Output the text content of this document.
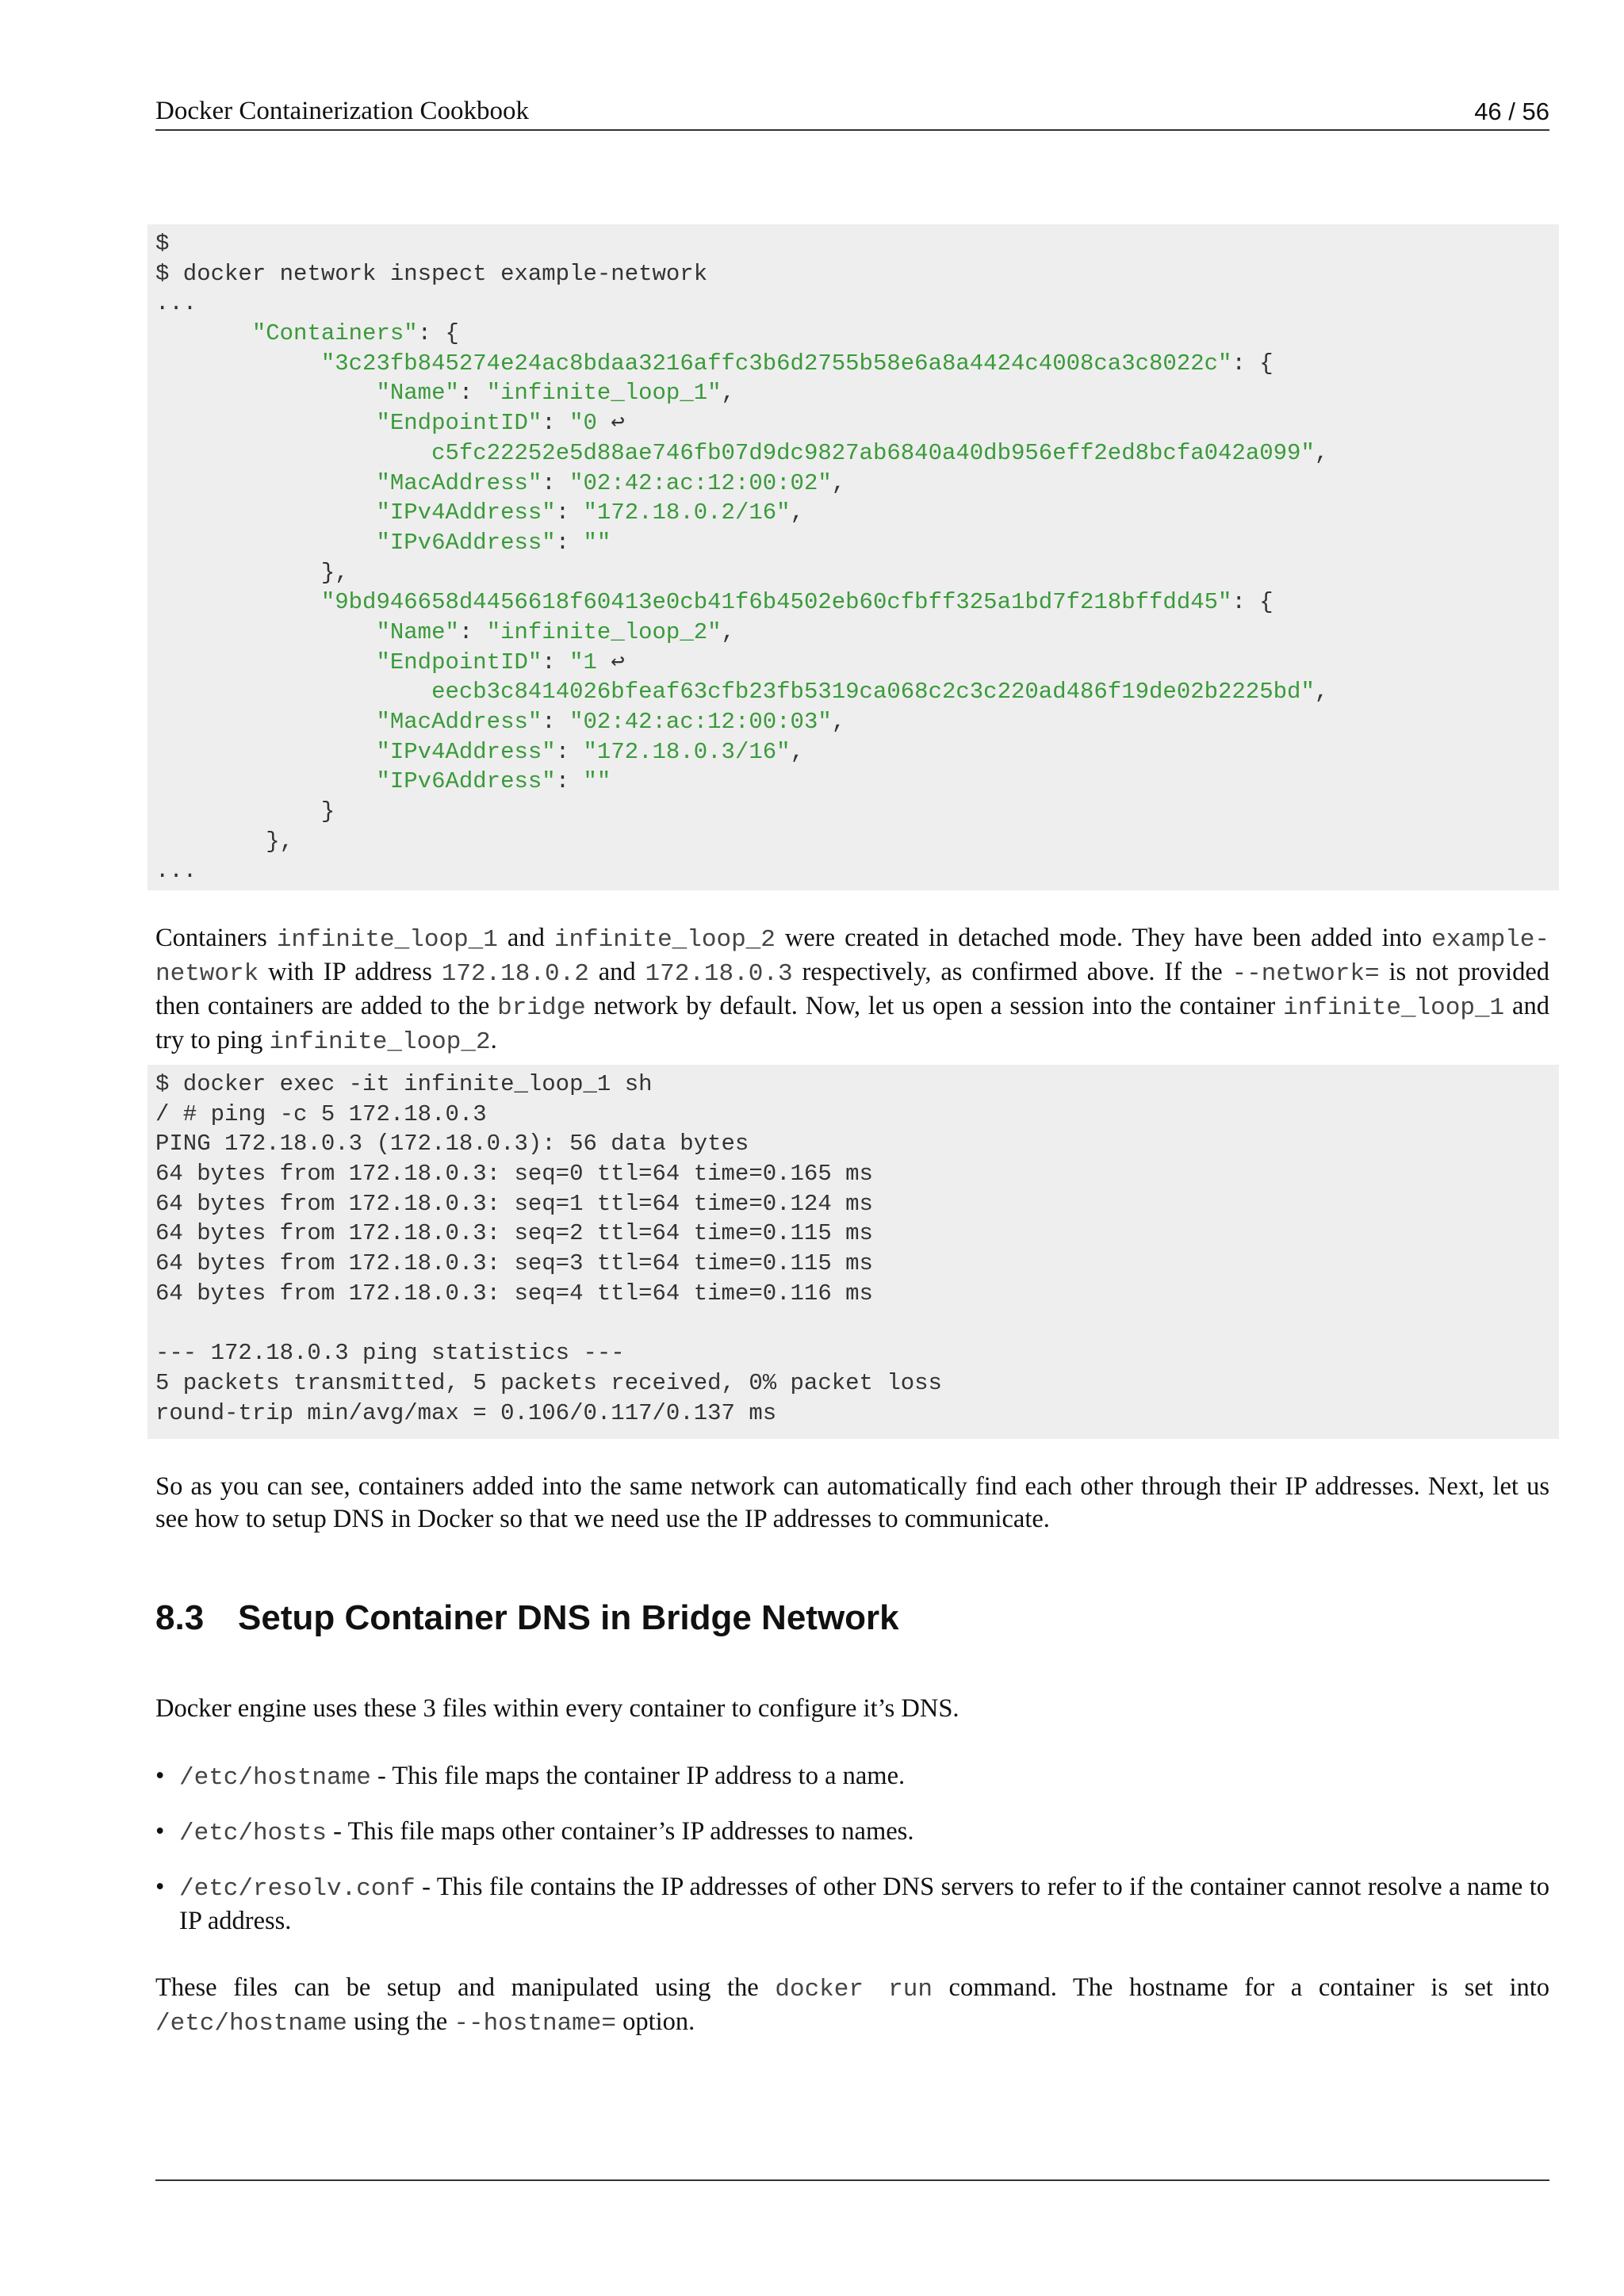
Docker Containerization Cookbook	46 / 56
$
$ docker network inspect example-network
...
"Containers": {
"3c23fb845274e24ac8bdaa3216affc3b6d2755b58e6a8a4424c4008ca3c8022c": {
"Name": "infinite_loop_1",
"EndpointID": "0 ↩
c5fc22252e5d88ae746fb07d9dc9827ab6840a40db956eff2ed8bcfa042a099",
"MacAddress": "02:42:ac:12:00:02",
"IPv4Address": "172.18.0.2/16",
"IPv6Address": ""
},
"9bd946658d4456618f60413e0cb41f6b4502eb60cfbff325a1bd7f218bffdd45": {
"Name": "infinite_loop_2",
"EndpointID": "1 ↩
eecb3c8414026bfeaf63cfb23fb5319ca068c2c3c220ad486f19de02b2225bd",
"MacAddress": "02:42:ac:12:00:03",
"IPv4Address": "172.18.0.3/16",
"IPv6Address": ""
}
},
...
Containers infinite_loop_1 and infinite_loop_2 were created in detached mode. They have been added into example-network with IP address 172.18.0.2 and 172.18.0.3 respectively, as confirmed above. If the --network= is not provided then containers are added to the bridge network by default. Now, let us open a session into the container infinite_loop_1 and try to ping infinite_loop_2.
$ docker exec -it infinite_loop_1 sh
/ # ping -c 5 172.18.0.3
PING 172.18.0.3 (172.18.0.3): 56 data bytes
64 bytes from 172.18.0.3: seq=0 ttl=64 time=0.165 ms
64 bytes from 172.18.0.3: seq=1 ttl=64 time=0.124 ms
64 bytes from 172.18.0.3: seq=2 ttl=64 time=0.115 ms
64 bytes from 172.18.0.3: seq=3 ttl=64 time=0.115 ms
64 bytes from 172.18.0.3: seq=4 ttl=64 time=0.116 ms
--- 172.18.0.3 ping statistics ---
5 packets transmitted, 5 packets received, 0% packet loss
round-trip min/avg/max = 0.106/0.117/0.137 ms
So as you can see, containers added into the same network can automatically find each other through their IP addresses. Next, let us see how to setup DNS in Docker so that we need use the IP addresses to communicate.
8.3 Setup Container DNS in Bridge Network
Docker engine uses these 3 files within every container to configure it’s DNS.
• /etc/hostname - This file maps the container IP address to a name.
• /etc/hosts - This file maps other container’s IP addresses to names.
• /etc/resolv.conf - This file contains the IP addresses of other DNS servers to refer to if the container cannot resolve a name to IP address.
These files can be setup and manipulated using the docker run command. The hostname for a container is set into /etc/hostname using the --hostname= option.
